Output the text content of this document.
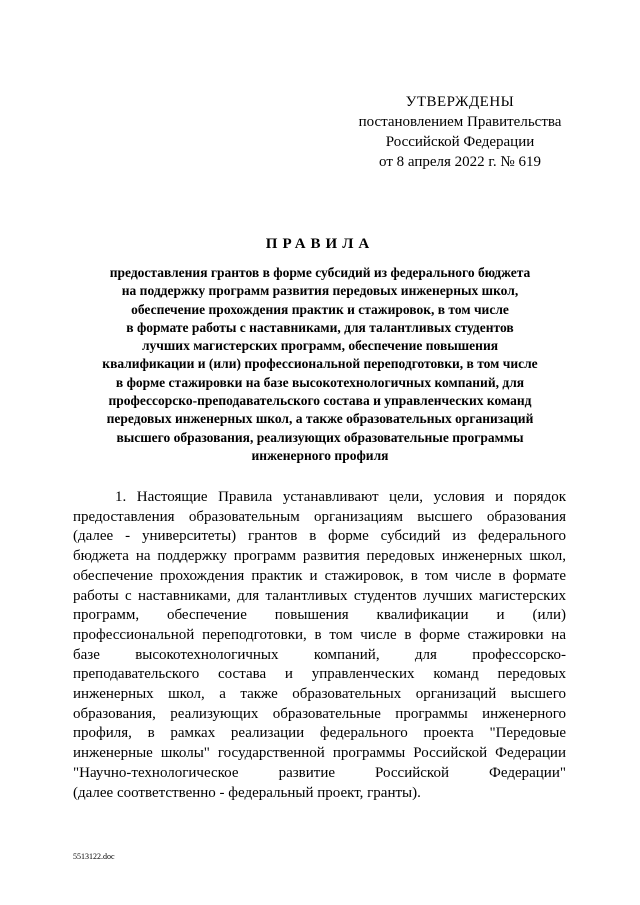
УТВЕРЖДЕНЫ
постановлением Правительства
Российской Федерации
от 8 апреля 2022 г. № 619
ПРАВИЛА
предоставления грантов в форме субсидий из федерального бюджета
на поддержку программ развития передовых инженерных школ,
обеспечение прохождения практик и стажировок, в том числе
в формате работы с наставниками, для талантливых студентов
лучших магистерских программ, обеспечение повышения
квалификации и (или) профессиональной переподготовки, в том числе
в форме стажировки на базе высокотехнологичных компаний, для
профессорско-преподавательского состава и управленческих команд
передовых инженерных школ, а также образовательных организаций
высшего образования, реализующих образовательные программы
инженерного профиля
1. Настоящие Правила устанавливают цели, условия и порядок
предоставления образовательным организациям высшего образования
(далее - университеты) грантов в форме субсидий из федерального
бюджета на поддержку программ развития передовых инженерных школ,
обеспечение прохождения практик и стажировок, в том числе в формате
работы с наставниками, для талантливых студентов лучших магистерских
программ, обеспечение повышения квалификации и (или)
профессиональной переподготовки, в том числе в форме стажировки на
базе высокотехнологичных компаний, для профессорско-
преподавательского состава и управленческих команд передовых
инженерных школ, а также образовательных организаций высшего
образования, реализующих образовательные программы инженерного
профиля, в рамках реализации федерального проекта "Передовые
инженерные школы" государственной программы Российской Федерации
"Научно-технологическое развитие Российской Федерации"
(далее соответственно - федеральный проект, гранты).
5513122.doc
